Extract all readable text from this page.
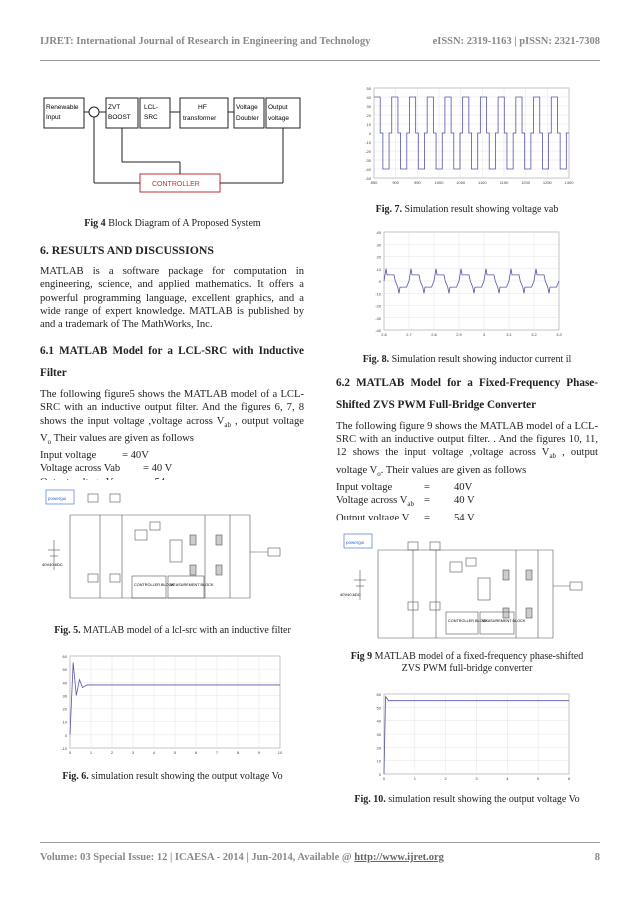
IJRET: International Journal of Research in Engineering and Technology	eISSN: 2319-1163 | pISSN: 2321-7308
Renewable
Input
ZVT
BOOST
LCL-
SRC
HF
transformer
Voltage
Doubler
Output
voltage
CONTROLLER
Fig 4 Block Diagram of A Proposed System

6. RESULTS AND DISCUSSIONS

MATLAB is a software package for computation in engineering, science, and applied mathematics. It offers a powerful programming language, excellent graphics, and a wide range of expert knowledge. MATLAB is published by and a trademark of The MathWorks, Inc.

6.1 MATLAB Model for a LCL-SRC with Inductive Filter

The following figure5 shows the MATLAB model of a LCL-SRC with an inductive output filter. And the figures 6, 7, 8 shows the input voltage ,voltage across $V_{ab}$ , output voltage $V_o$ Their values are given as follows

Input voltage	= 40V
Voltage across Vab	= 40 V
Output voltage Vo	= 54
powergui
40V40.6DC
CONTROLLER BLOCK
MEASUREMENT BLOCK
Fig. 5. MATLAB model of a lcl-src with an inductive filter
-10
0
10
20
30
40
50
60
0	1	2	3	4	5	6	7	8	9	10
Fig. 6. simulation result showing the output voltage Vo
-50
-40
-30
-20
-10
0
10
20
30
40
50
850	900	950	1000	1050	1100	1150	1200	1250	1300
Fig. 7. Simulation result showing voltage vab
-40
-30
-20
-10
0
10
20
30
40
2.6	2.7	2.8	2.9	3	3.1	3.2	3.3
Fig. 8. Simulation result showing inductor current il

6.2 MATLAB Model for a Fixed-Frequency Phase-Shifted ZVS PWM Full-Bridge Converter

The following figure 9 shows the MATLAB model of a LCL-SRC with an inductive output filter. . And the figures 10, 11, 12 shows the input voltage ,voltage across $V_{ab}$ , output voltage $V_o$. Their values are given as follows

Input voltage	=	40V
Voltage across $V_{ab}$ =	40 V
Output voltage $V_o$	=	54 V
powergui
40V40.6DC
CONTROLLER BLOCK
MEASUREMENT BLOCK
Fig 9 MATLAB model of a fixed-frequency phase-shifted
ZVS PWM full-bridge converter
0
10
20
30
40
50
60
0	1	2	3	4	5	6
Fig. 10. simulation result showing the output voltage Vo
Volume: 03 Special Issue: 12 | ICAESA - 2014 | Jun-2014, Available @ http://www.ijret.org	8
